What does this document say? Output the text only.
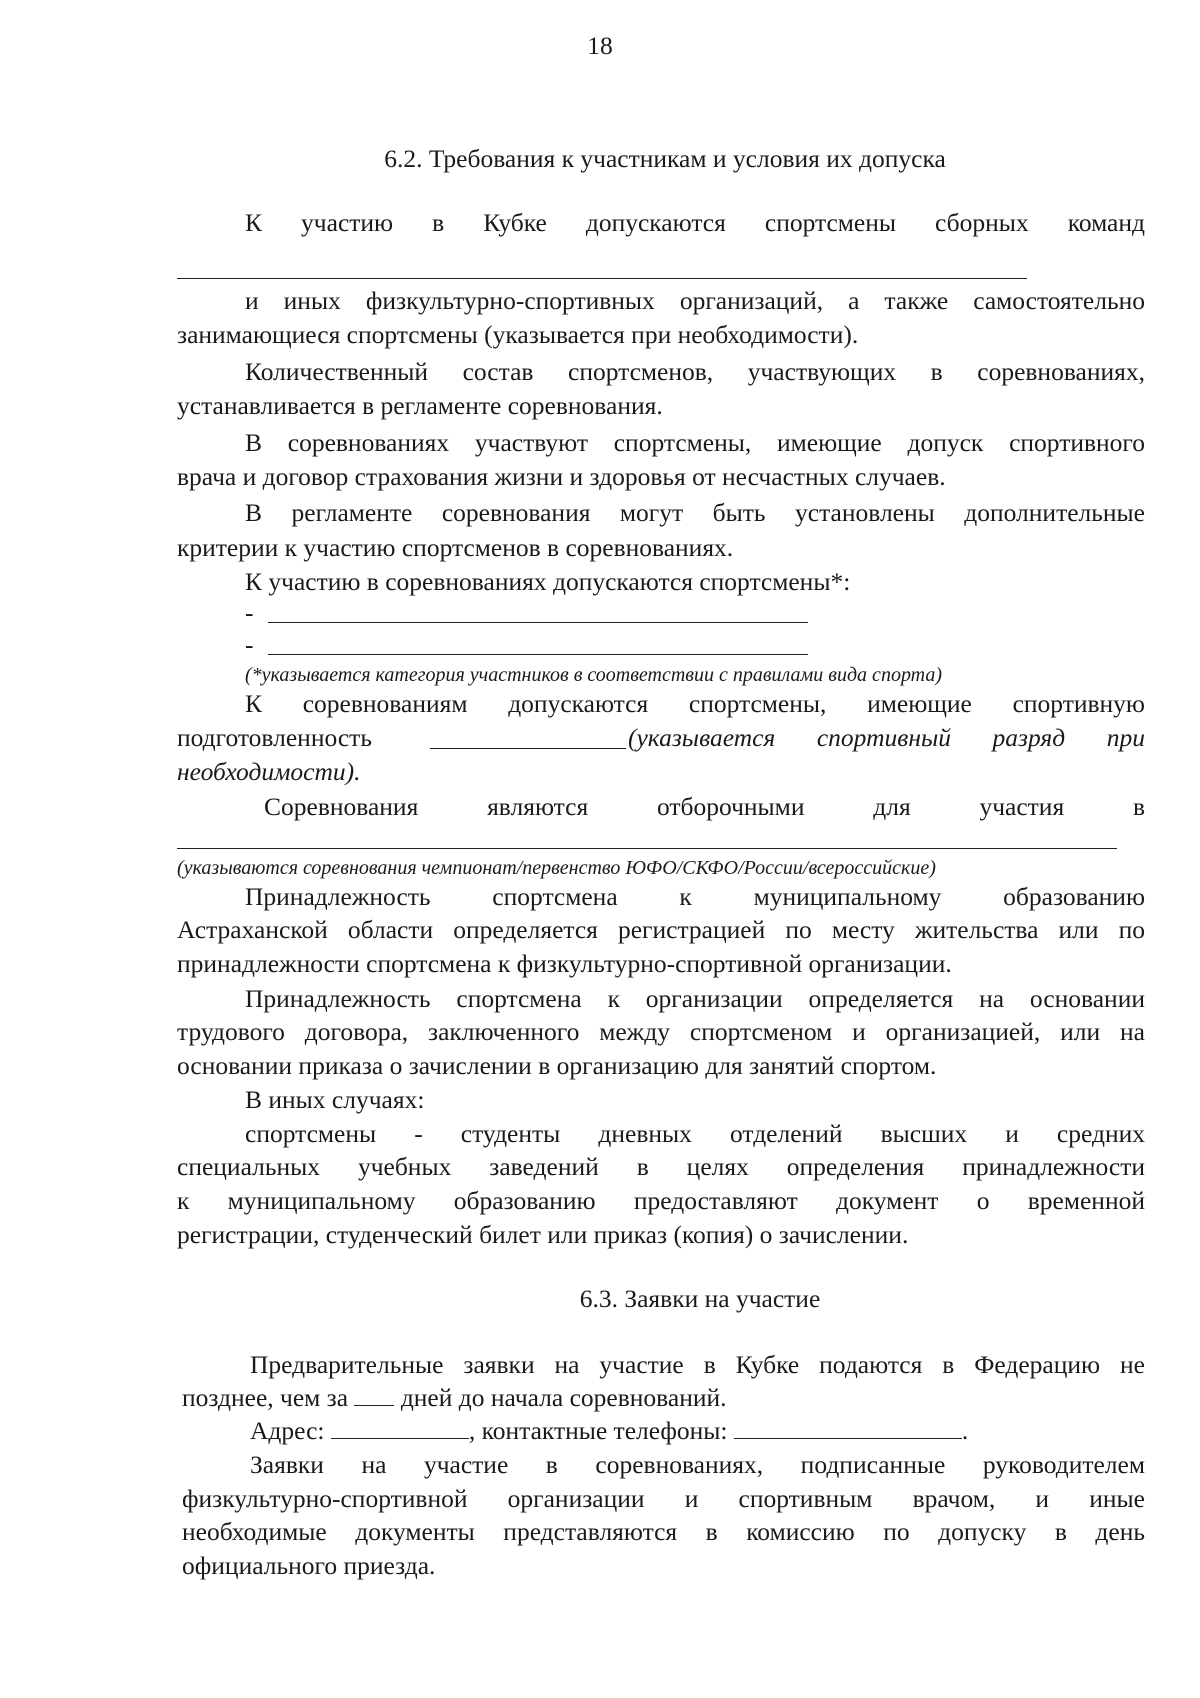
18
6.2. Требования к участникам и условия их допуска
К участию в Кубке допускаются спортсмены сборных команд
и иных физкультурно-спортивных организаций, а также самостоятельно
занимающиеся спортсмены (указывается при необходимости).
Количественный состав спортсменов, участвующих в соревнованиях,
устанавливается в регламенте соревнования.
В соревнованиях участвуют спортсмены, имеющие допуск спортивного
врача и договор страхования жизни и здоровья от несчастных случаев.
В регламенте соревнования могут быть установлены дополнительные
критерии к участию спортсменов в соревнованиях.
К участию в соревнованиях допускаются спортсмены*:
-
-
(*указывается категория участников в соответствии с правилами вида спорта)
К соревнованиям допускаются спортсмены, имеющие спортивную
подготовленность	(указывается спортивный разряд при
необходимости).
Соревнования являются отборочными для участия в
(указываются соревнования чемпионат/первенство ЮФО/СКФО/России/всероссийские)
Принадлежность спортсмена к муниципальному образованию
Астраханской области определяется регистрацией по месту жительства или по
принадлежности спортсмена к физкультурно-спортивной организации.
Принадлежность спортсмена к организации определяется на основании
трудового договора, заключенного между спортсменом и организацией, или на
основании приказа о зачислении в организацию для занятий спортом.
В иных случаях:
спортсмены - студенты дневных отделений высших и средних
специальных учебных заведений в целях определения принадлежности
к муниципальному образованию предоставляют документ о временной
регистрации, студенческий билет или приказ (копия) о зачислении.
6.3. Заявки на участие
Предварительные заявки на участие в Кубке подаются в Федерацию не
позднее, чем за дней до начала соревнований.
Адрес:	, контактные телефоны:	.
Заявки на участие в соревнованиях, подписанные руководителем
физкультурно-спортивной организации и спортивным врачом, и иные
необходимые документы представляются в комиссию по допуску в день
официального приезда.
